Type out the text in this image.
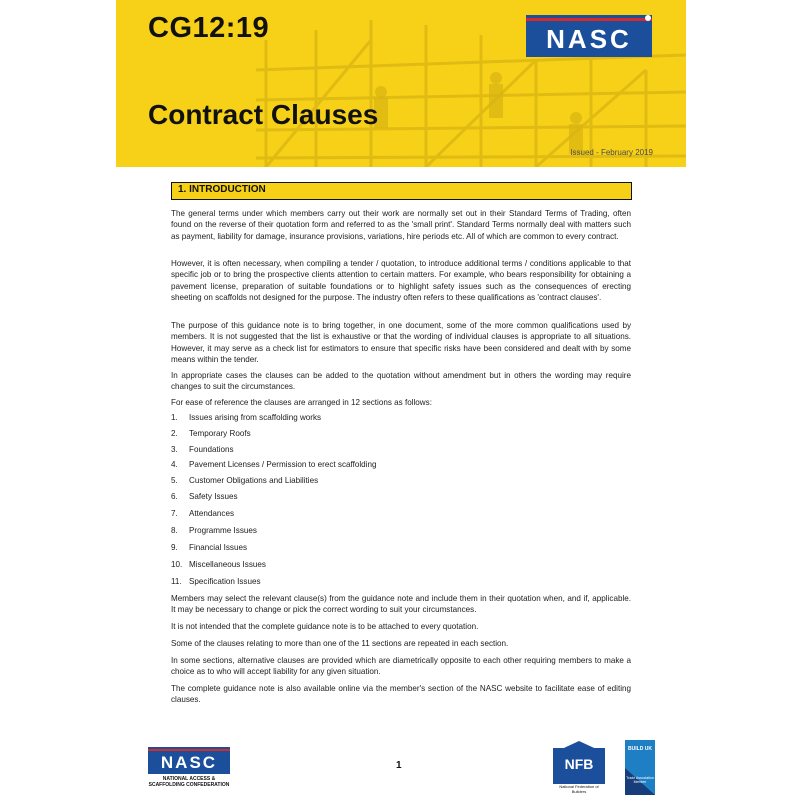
CG12:19
Contract Clauses
Issued - February 2019
NASC
1. INTRODUCTION
The general terms under which members carry out their work are normally set out in their Standard Terms of Trading, often found on the reverse of their quotation form and referred to as the 'small print'. Standard Terms normally deal with matters such as payment, liability for damage, insurance provisions, variations, hire periods etc. All of which are common to every contract.
However, it is often necessary, when compiling a tender / quotation, to introduce additional terms / conditions applicable to that specific job or to bring the prospective clients attention to certain matters. For example, who bears responsibility for obtaining a pavement license, preparation of suitable foundations or to highlight safety issues such as the consequences of erecting sheeting on scaffolds not designed for the purpose. The industry often refers to these qualifications as 'contract clauses'.
The purpose of this guidance note is to bring together, in one document, some of the more common qualifications used by members. It is not suggested that the list is exhaustive or that the wording of individual clauses is appropriate to all situations. However, it may serve as a check list for estimators to ensure that specific risks have been considered and dealt with by some means within the tender.
In appropriate cases the clauses can be added to the quotation without amendment but in others the wording may require changes to suit the circumstances.
For ease of reference the clauses are arranged in 12 sections as follows:
1.	Issues arising from scaffolding works
2.	Temporary Roofs
3.	Foundations
4.	Pavement Licenses / Permission to erect scaffolding
5.	Customer Obligations and Liabilities
6.	Safety Issues
7.	Attendances
8.	Programme Issues
9.	Financial Issues
10. Miscellaneous Issues
11. Specification Issues
Members may select the relevant clause(s) from the guidance note and include them in their quotation when, and if, applicable. It may be necessary to change or pick the correct wording to suit your circumstances.
It is not intended that the complete guidance note is to be attached to every quotation.
Some of the clauses relating to more than one of the 11 sections are repeated in each section.
In some sections, alternative clauses are provided which are diametrically opposite to each other requiring members to make a choice as to who will accept liability for any given situation.
The complete guidance note is also available online via the member's section of the NASC website to facilitate ease of editing clauses.
NASC
NATIONAL ACCESS & SCAFFOLDING CONFEDERATION
1	NFB
National Federation of Builders
BUILD UK
Trade Association Member
